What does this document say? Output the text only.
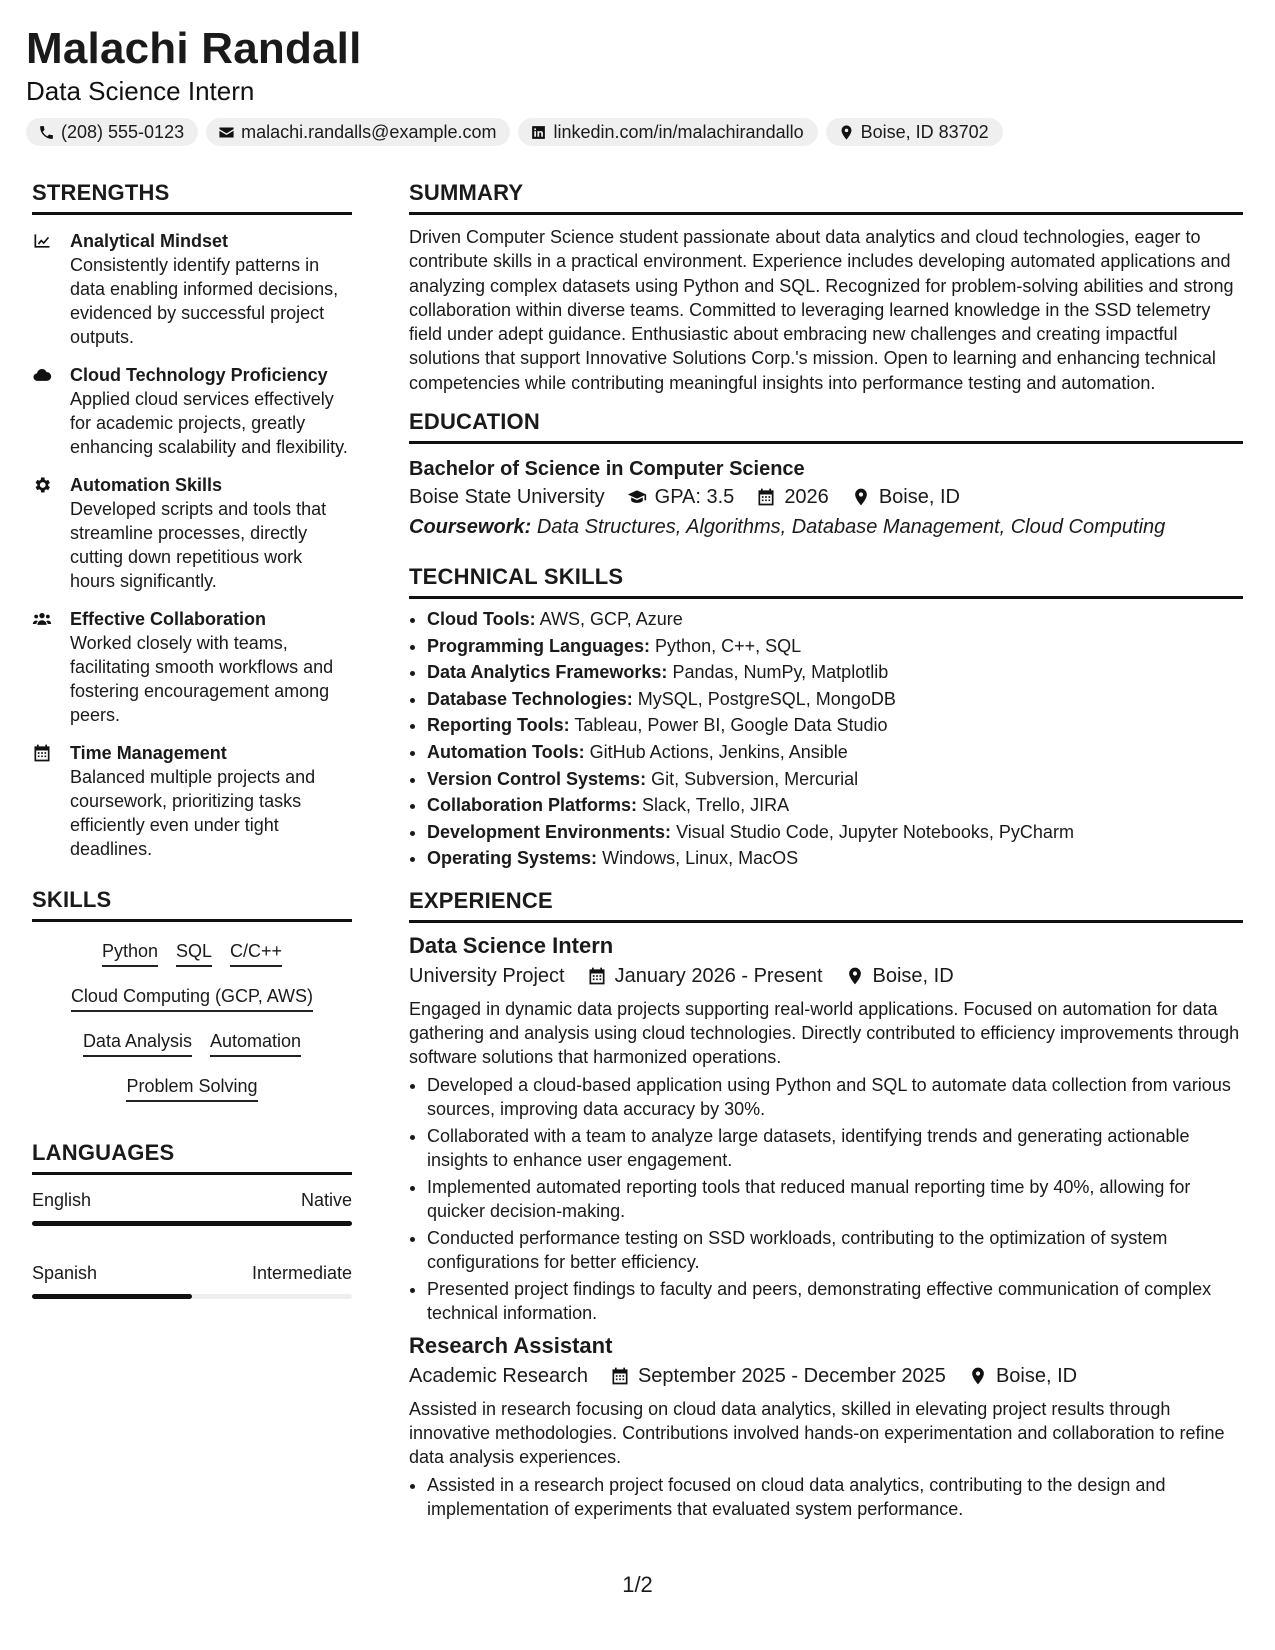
Malachi Randall
Data Science Intern
(208) 555-0123	malachi.randalls@example.com	linkedin.com/in/malachirandallo	Boise, ID 83702
STRENGTHS
Analytical Mindset
Consistently identify patterns in data enabling informed decisions, evidenced by successful project outputs.
Cloud Technology Proficiency
Applied cloud services effectively for academic projects, greatly enhancing scalability and flexibility.
Automation Skills
Developed scripts and tools that streamline processes, directly cutting down repetitious work hours significantly.
Effective Collaboration
Worked closely with teams, facilitating smooth workflows and fostering encouragement among peers.
Time Management
Balanced multiple projects and coursework, prioritizing tasks efficiently even under tight deadlines.
SKILLS
Python SQL C/C++
Cloud Computing (GCP, AWS)
Data Analysis Automation
Problem Solving
LANGUAGES
English	Native
Spanish	Intermediate
SUMMARY
Driven Computer Science student passionate about data analytics and cloud technologies, eager to contribute skills in a practical environment. Experience includes developing automated applications and analyzing complex datasets using Python and SQL. Recognized for problem-solving abilities and strong collaboration within diverse teams. Committed to leveraging learned knowledge in the SSD telemetry field under adept guidance. Enthusiastic about embracing new challenges and creating impactful solutions that support Innovative Solutions Corp.'s mission. Open to learning and enhancing technical competencies while contributing meaningful insights into performance testing and automation.
EDUCATION
Bachelor of Science in Computer Science
Boise State University	GPA: 3.5	2026	Boise, ID
Coursework: Data Structures, Algorithms, Database Management, Cloud Computing
TECHNICAL SKILLS
• Cloud Tools: AWS, GCP, Azure
• Programming Languages: Python, C++, SQL
• Data Analytics Frameworks: Pandas, NumPy, Matplotlib
• Database Technologies: MySQL, PostgreSQL, MongoDB
• Reporting Tools: Tableau, Power BI, Google Data Studio
• Automation Tools: GitHub Actions, Jenkins, Ansible
• Version Control Systems: Git, Subversion, Mercurial
• Collaboration Platforms: Slack, Trello, JIRA
• Development Environments: Visual Studio Code, Jupyter Notebooks, PyCharm
• Operating Systems: Windows, Linux, MacOS
EXPERIENCE
Data Science Intern
University Project	January 2026 - Present	Boise, ID
Engaged in dynamic data projects supporting real-world applications. Focused on automation for data gathering and analysis using cloud technologies. Directly contributed to efficiency improvements through software solutions that harmonized operations.
• Developed a cloud-based application using Python and SQL to automate data collection from various sources, improving data accuracy by 30%.
• Collaborated with a team to analyze large datasets, identifying trends and generating actionable insights to enhance user engagement.
• Implemented automated reporting tools that reduced manual reporting time by 40%, allowing for quicker decision-making.
• Conducted performance testing on SSD workloads, contributing to the optimization of system configurations for better efficiency.
• Presented project findings to faculty and peers, demonstrating effective communication of complex technical information.
Research Assistant
Academic Research	September 2025 - December 2025	Boise, ID
Assisted in research focusing on cloud data analytics, skilled in elevating project results through innovative methodologies. Contributions involved hands-on experimentation and collaboration to refine data analysis experiences.
• Assisted in a research project focused on cloud data analytics, contributing to the design and implementation of experiments that evaluated system performance.
1/2
